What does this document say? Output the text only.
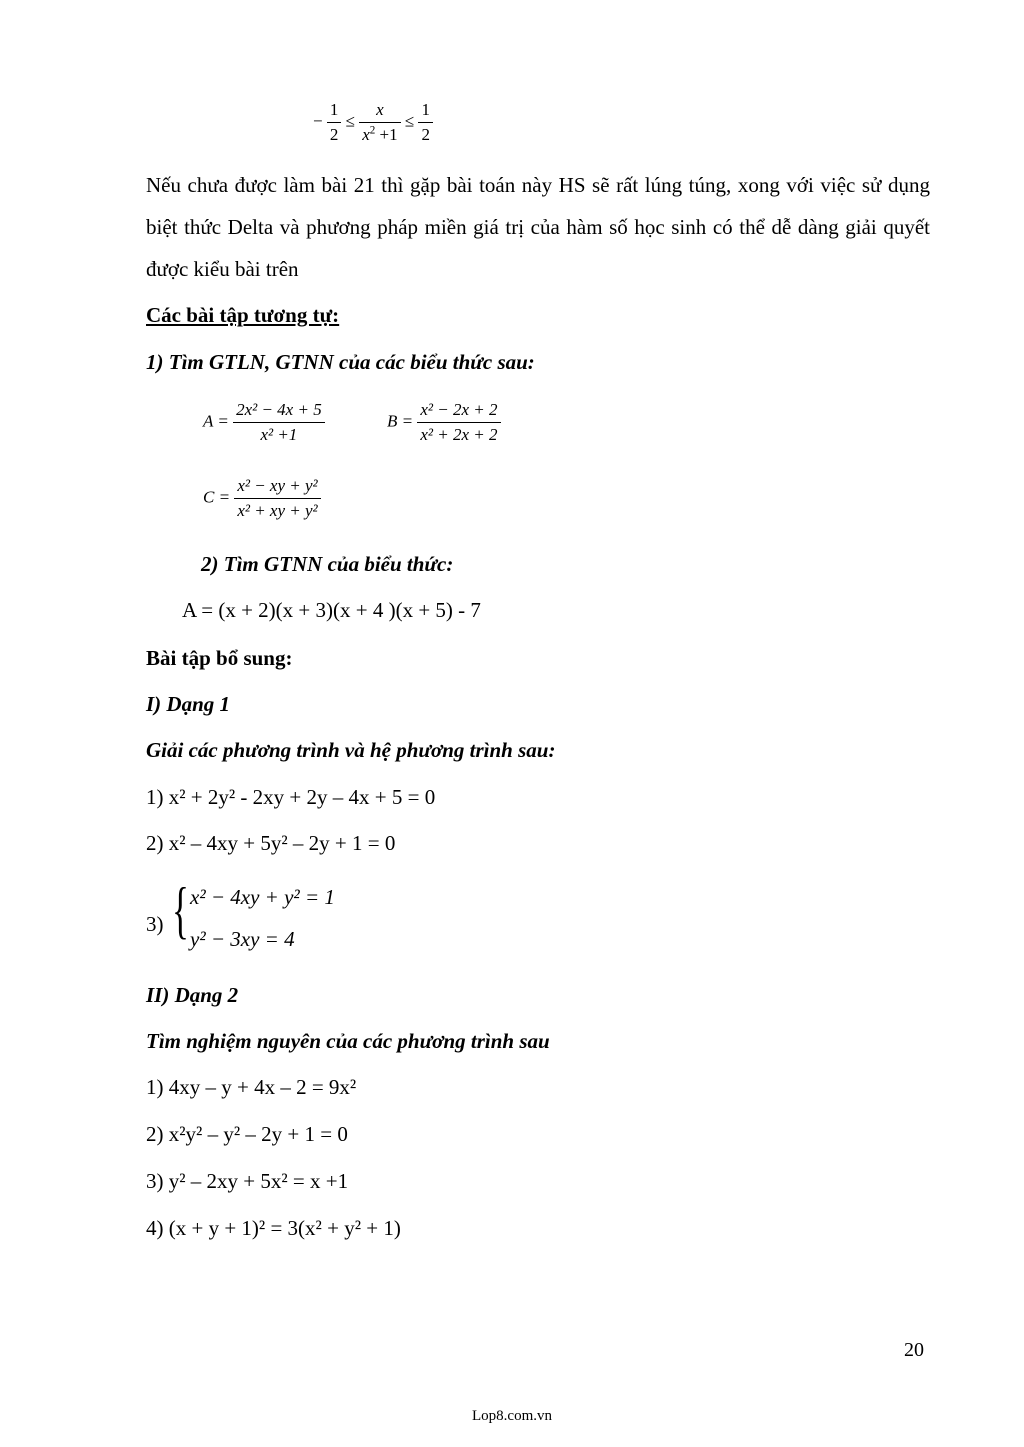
− $\frac{1}{2} \le \frac{x}{x^2 +1} \le \frac{1}{2}$
Nếu chưa được làm bài 21 thì gặp bài toán này HS sẽ rất lúng túng, xong với việc sử dụng biệt thức Delta và phương pháp miền giá trị của hàm số học sinh có thể dễ dàng giải quyết được kiểu bài trên
Các bài tập tương tự:
1) Tìm GTLN, GTNN của các biểu thức sau:
$A = \frac{\text{2x² − 4x + 5}}{\text{x² +1}}$	$B = \frac{\text{x² − 2x + 2}}{\text{x² + 2x + 2}}$
$C = \frac{\text{x² − xy + y²}}{\text{x² + xy + y²}}$
2) Tìm GTNN của biểu thức:
A = (x + 2)(x + 3)(x + 4 )(x + 5) - 7
Bài tập bổ sung:
I) Dạng 1
Giải các phương trình và hệ phương trình sau:
1) x² + 2y² - 2xy + 2y – 4x + 5 = 0
2) x² – 4xy + 5y² – 2y + 1 = 0
3) { x² − 4xy + y² = 1
y² − 3xy = 4
II) Dạng 2
Tìm nghiệm nguyên của các phương trình sau
1) 4xy – y + 4x – 2 = 9x²
2) x²y² – y² – 2y + 1 = 0
3) y² – 2xy + 5x² = x +1
4) (x + y + 1)² = 3(x² + y² + 1)
20
Lop8.com.vn
